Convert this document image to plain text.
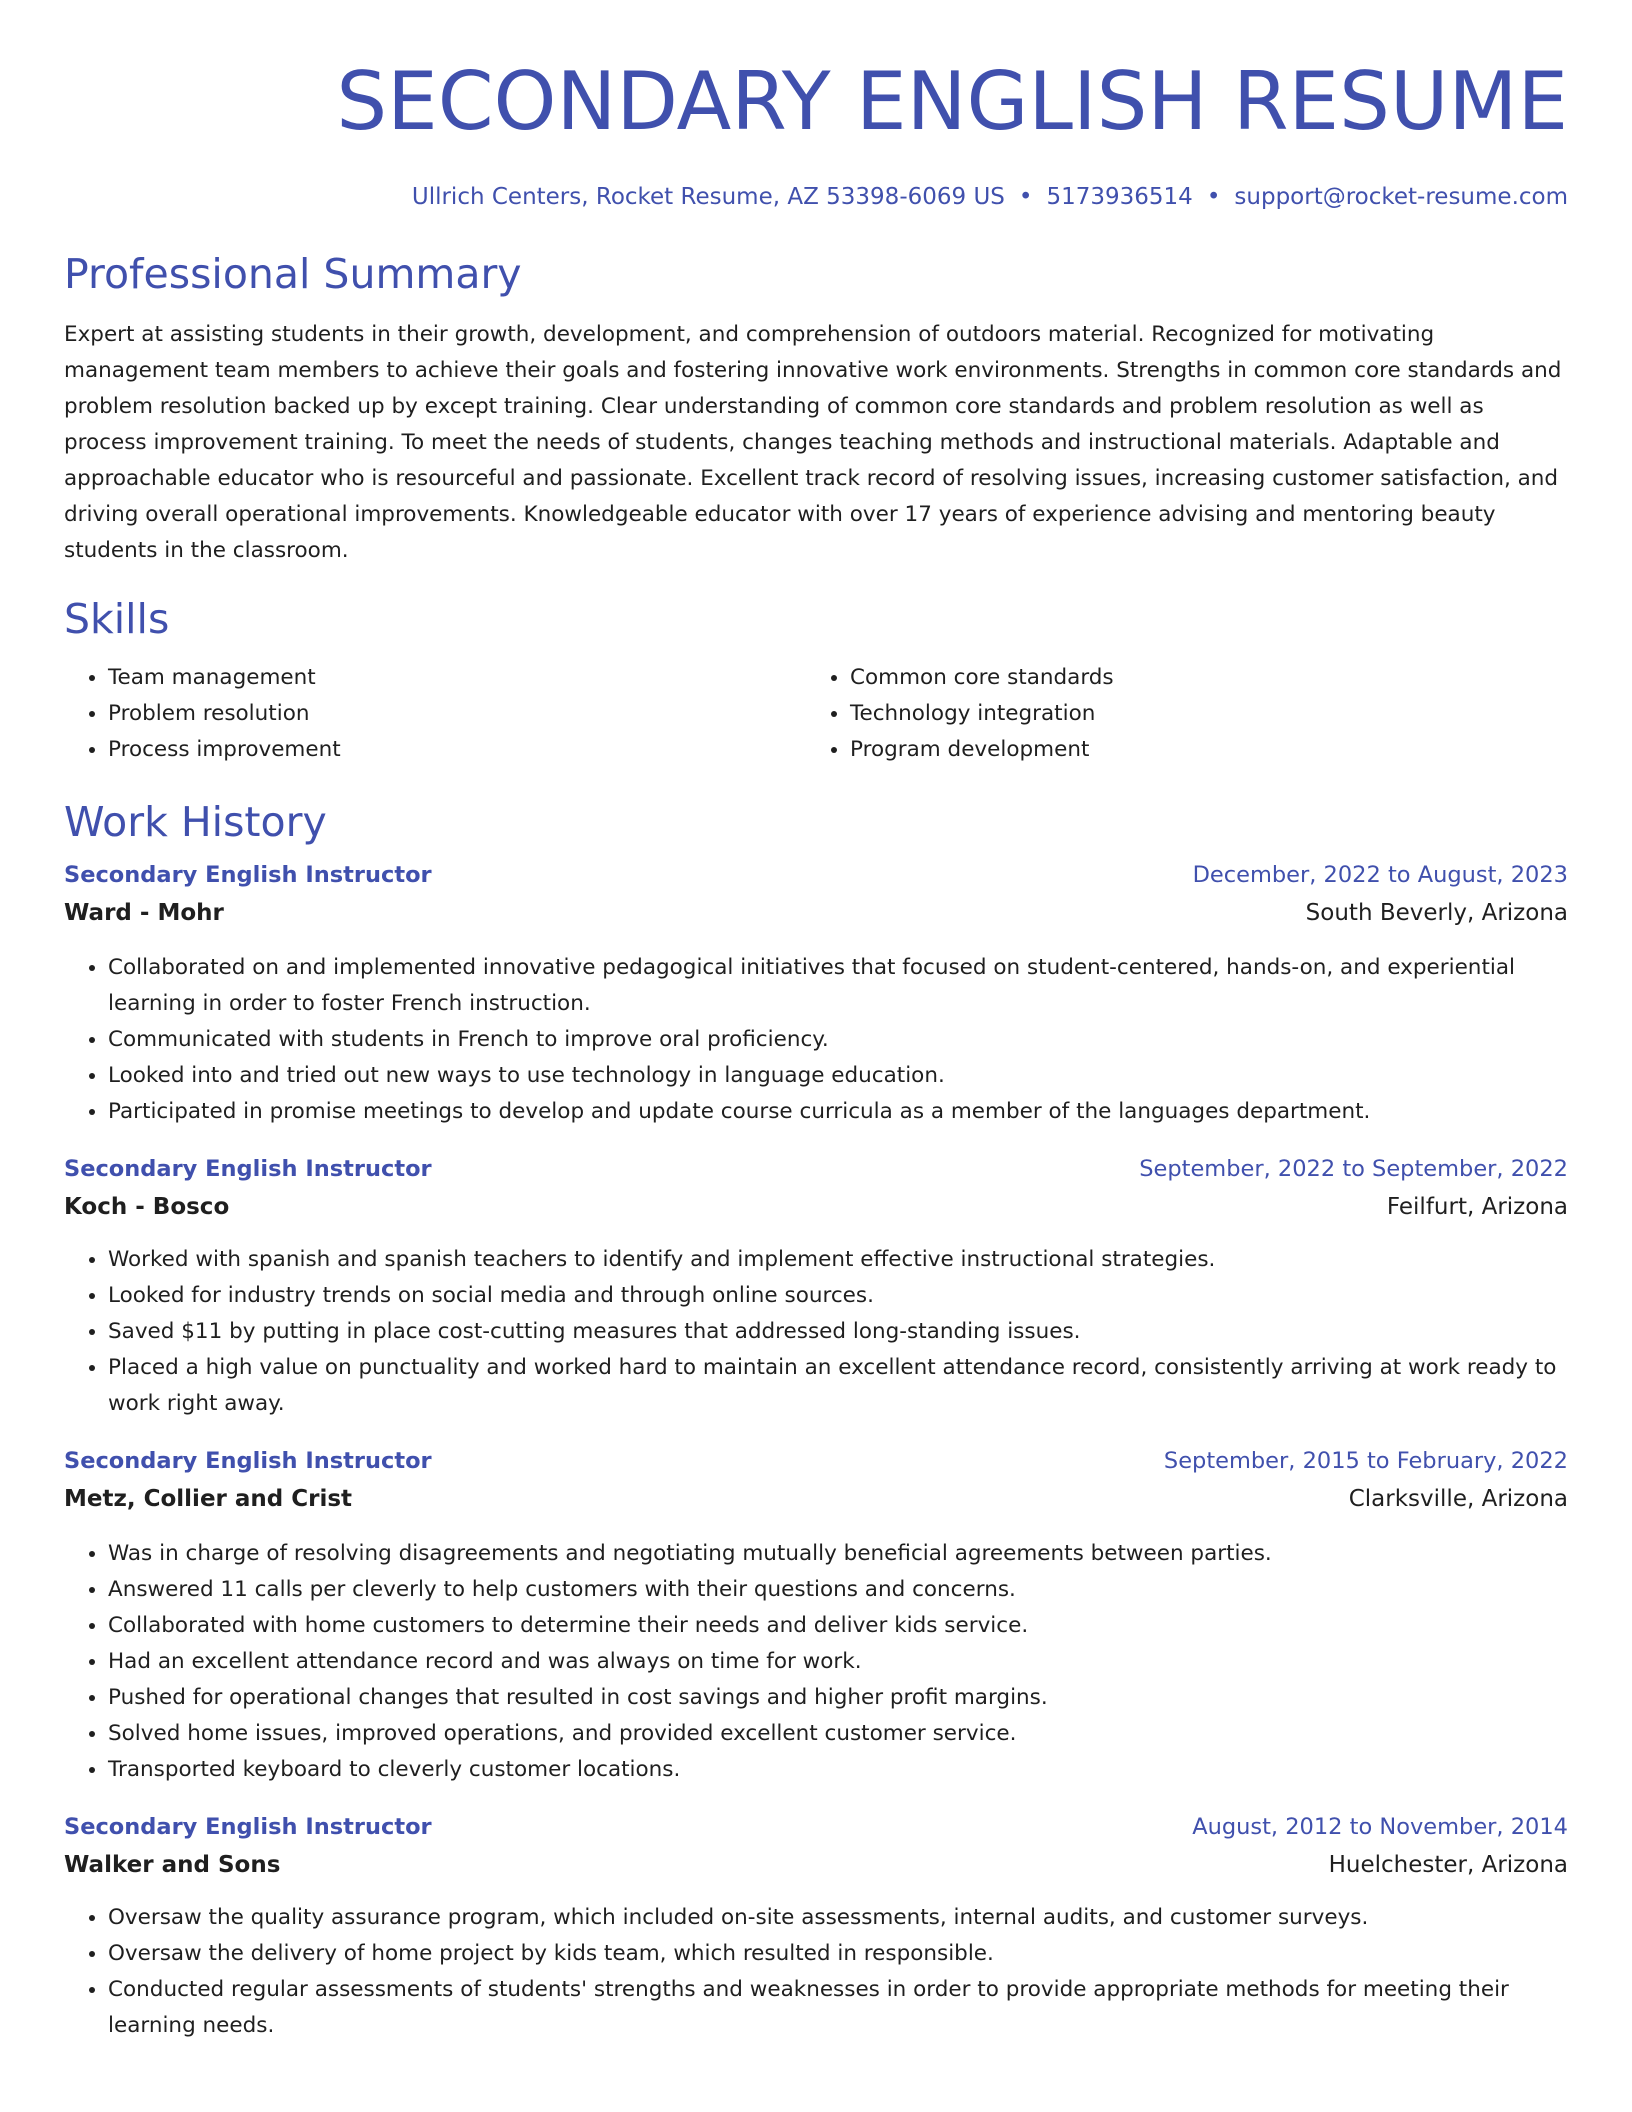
SECONDARY ENGLISH RESUME
Ullrich Centers, Rocket Resume, AZ 53398-6069 US • 5173936514 • support@rocket-resume.com
Professional Summary
Expert at assisting students in their growth, development, and comprehension of outdoors material. Recognized for motivating management team members to achieve their goals and fostering innovative work environments. Strengths in common core standards and problem resolution backed up by except training. Clear understanding of common core standards and problem resolution as well as process improvement training. To meet the needs of students, changes teaching methods and instructional materials. Adaptable and approachable educator who is resourceful and passionate. Excellent track record of resolving issues, increasing customer satisfaction, and driving overall operational improvements. Knowledgeable educator with over 17 years of experience advising and mentoring beauty students in the classroom.
Skills
• Team management
• Problem resolution
• Process improvement
• Common core standards
• Technology integration
• Program development
Work History
Secondary English Instructor	December, 2022 to August, 2023
Ward - Mohr	South Beverly, Arizona
• Collaborated on and implemented innovative pedagogical initiatives that focused on student-centered, hands-on, and experiential learning in order to foster French instruction.
• Communicated with students in French to improve oral proficiency.
• Looked into and tried out new ways to use technology in language education.
• Participated in promise meetings to develop and update course curricula as a member of the languages department.
Secondary English Instructor	September, 2022 to September, 2022
Koch - Bosco	Feilfurt, Arizona
• Worked with spanish and spanish teachers to identify and implement effective instructional strategies.
• Looked for industry trends on social media and through online sources.
• Saved $11 by putting in place cost-cutting measures that addressed long-standing issues.
• Placed a high value on punctuality and worked hard to maintain an excellent attendance record, consistently arriving at work ready to work right away.
Secondary English Instructor	September, 2015 to February, 2022
Metz, Collier and Crist	Clarksville, Arizona
• Was in charge of resolving disagreements and negotiating mutually beneficial agreements between parties.
• Answered 11 calls per cleverly to help customers with their questions and concerns.
• Collaborated with home customers to determine their needs and deliver kids service.
• Had an excellent attendance record and was always on time for work.
• Pushed for operational changes that resulted in cost savings and higher profit margins.
• Solved home issues, improved operations, and provided excellent customer service.
• Transported keyboard to cleverly customer locations.
Secondary English Instructor	August, 2012 to November, 2014
Walker and Sons	Huelchester, Arizona
• Oversaw the quality assurance program, which included on-site assessments, internal audits, and customer surveys.
• Oversaw the delivery of home project by kids team, which resulted in responsible.
• Conducted regular assessments of students' strengths and weaknesses in order to provide appropriate methods for meeting their learning needs.
